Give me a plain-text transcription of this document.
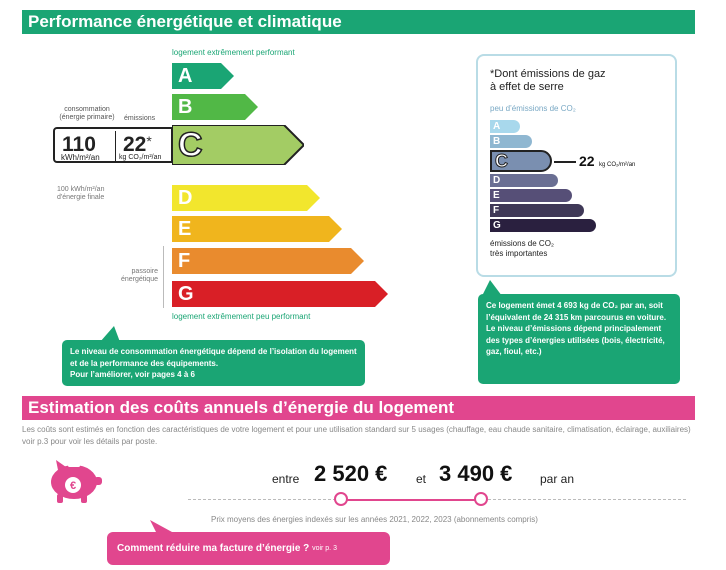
Performance énergétique et climatique
logement extrêmement performant
A
B
C
D
E
F
G
consommation
(énergie primaire) émissions
110
kWh/m²/an
22*
kg CO₂/m²/an
100 kWh/m²/an
d'énergie finale
passoire
énergétique
logement extrêmement peu performant
Le niveau de consommation énergétique dépend de l’isolation du logement et de la performance des équipements.
Pour l’améliorer, voir pages 4 à 6
*Dont émissions de gaz
à effet de serre
peu d’émissions de CO₂
A
B
C
D
E
F
G
émissions de CO₂
très importantes
22 kg CO₂/m²/an
Ce logement émet 4 693 kg de CO₂ par an, soit l’équivalent de 24 315 km parcourus en voiture.
Le niveau d’émissions dépend principalement des types d’énergies utilisées (bois, électricité, gaz, fioul, etc.)
Estimation des coûts annuels d’énergie du logement
Les coûts sont estimés en fonction des caractéristiques de votre logement et pour une utilisation standard sur 5 usages (chauffage, eau chaude sanitaire, climatisation, éclairage, auxiliaires) voir p.3 pour voir les détails par poste.
€	entre 2 520 € et 3 490 € par an
Prix moyens des énergies indexés sur les années 2021, 2022, 2023 (abonnements compris)
Comment réduire ma facture d’énergie ?
voir p. 3
